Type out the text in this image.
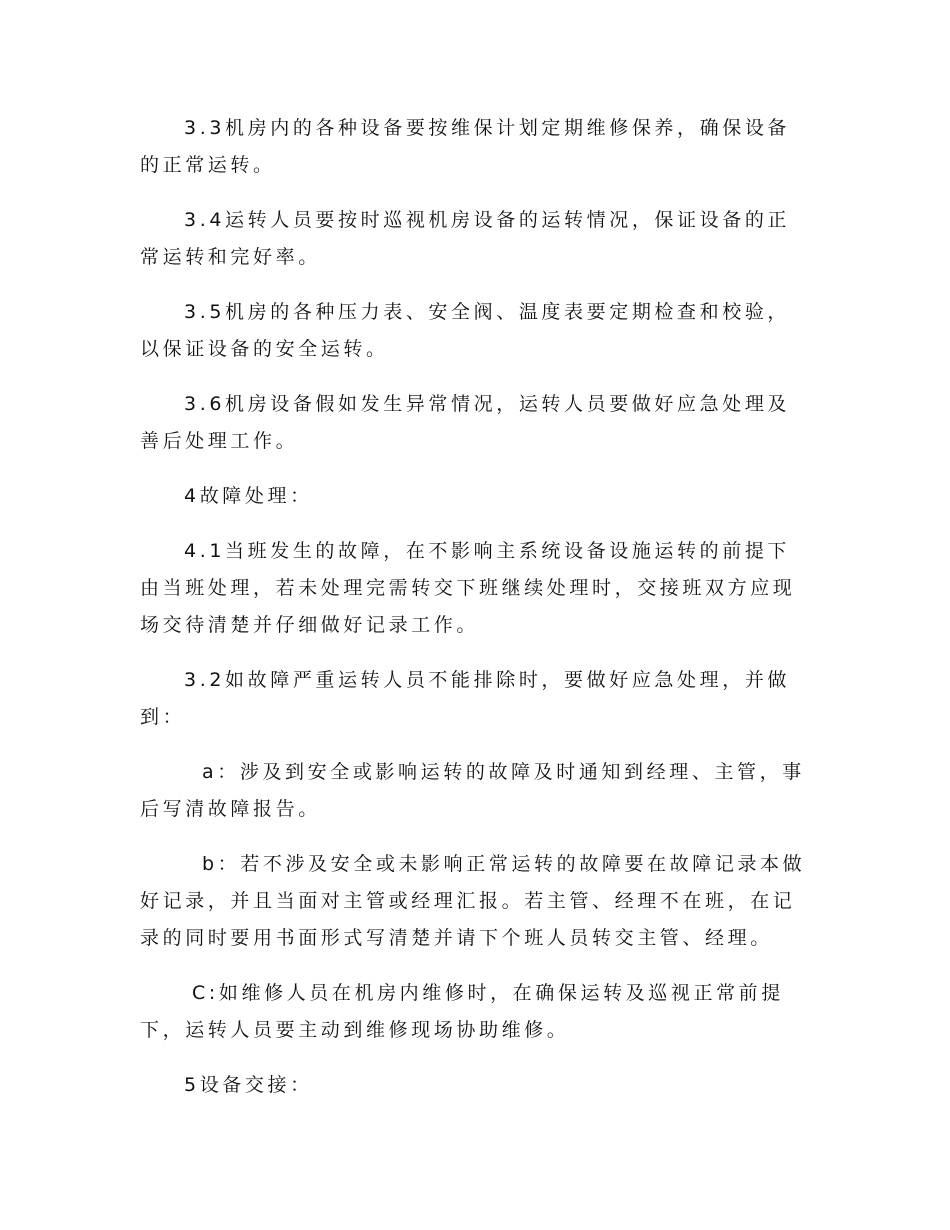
3.3机房内的各种设备要按维保计划定期维修保养，确保设备的正常运转。

3.4运转人员要按时巡视机房设备的运转情况，保证设备的正常运转和完好率。

3.5机房的各种压力表、安全阀、温度表要定期检查和校验，以保证设备的安全运转。

3.6机房设备假如发生异常情况，运转人员要做好应急处理及善后处理工作。

4故障处理：

4.1当班发生的故障，在不影响主系统设备设施运转的前提下由当班处理，若未处理完需转交下班继续处理时，交接班双方应现场交待清楚并仔细做好记录工作。

3.2如故障严重运转人员不能排除时，要做好应急处理，并做到：

a：涉及到安全或影响运转的故障及时通知到经理、主管，事后写清故障报告。

b：若不涉及安全或未影响正常运转的故障要在故障记录本做好记录，并且当面对主管或经理汇报。若主管、经理不在班，在记录的同时要用书面形式写清楚并请下个班人员转交主管、经理。

C:如维修人员在机房内维修时，在确保运转及巡视正常前提下，运转人员要主动到维修现场协助维修。

5设备交接：
